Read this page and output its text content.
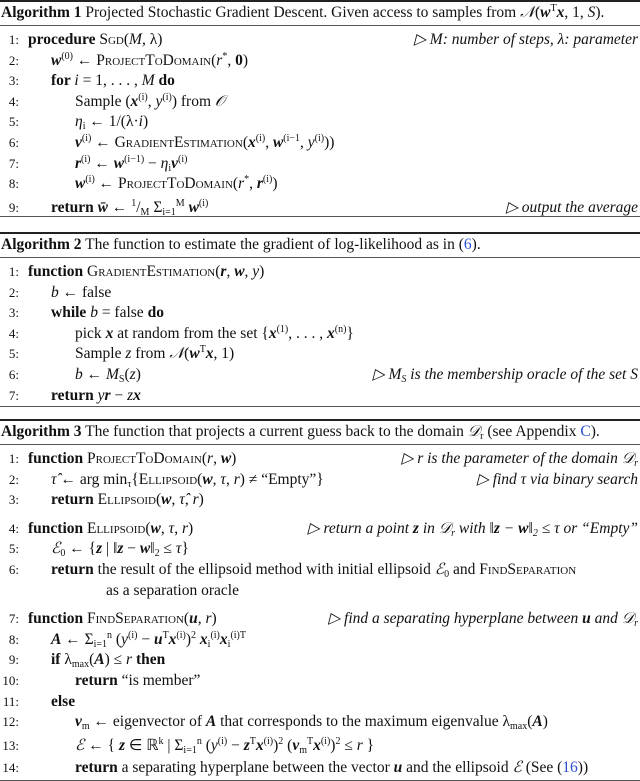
Algorithm 1 Projected Stochastic Gradient Descent. Given access to samples from $𝒩(w^Tx$, 1, S).
1: procedure Sgd(M, λ)	▷ M: number of steps, λ: parameter
2: $w^{(0)}$ ← ProjectToDomain(r*, 0)
3: for i = 1, . . . , M do
4:	Sample ($x^{(i)}$, $y^{(i)}$) from 𝒪
5:	$\eta_i$ ← 1/(λ·i)
6:	$v^{(i)}$ ← $GradientEstimation(x^{(i)}$, $w^{(i-1}$, $y^{(i)}$))
7:	$r^{(i)}$ ← $w^{(i-1)} - \eta_iv^{(i)}$
8:	$w^{(i)}$ ← ProjectToDomain(r*, $r^{(i)}$)
9: return w̄ ← $^1/_M$ $\Sigma_{i=1}^M$ $w^{(i)}$	▷ output the average
Algorithm 2 The function to estimate the gradient of log-likelihood as in (6).
1: function GradientEstimation(r, w, y)
2: b ← false
3: while b = false do
4:	pick x at random from the set {$x^{(1)}$, . . . , $x^{(n)}$}
5:	Sample z from $𝒩(w^Tx$, 1)
6:	b ← $M_S(z)$	▷ $M_S$ is the membership oracle of the set S
7: return yr − zx
Algorithm 3 The function that projects a current guess back to the domain 𝒟$_r$ (see Appendix C).
1: function ProjectToDomain(r, w)	▷ r is the parameter of the domain 𝒟$_r$
2: τ̂ ← arg $\min_\tau\{Ellipsoid(w$, τ, r) ≠ “Empty”}	▷ find τ via binary search
3: return Ellipsoid(w, τ̂, r)
4: function Ellipsoid(w, τ, r)	▷ return a point z in 𝒟$_r$ with ‖z − $w‖_2 \le \tau$ or “Empty”
5: ℰ$_0$ ← {z | ‖z − $w‖_2 \le \tau$}
6: return the result of the ellipsoid method with initial ellipsoid ℰ$_0$ and FindSeparation
as a separation oracle
7: function FindSeparation(u, r)	▷ find a separating hyperplane between u and 𝒟$_r$
8: A ← $\Sigma_{i=1}^n$ $(y^{(i)} - u^Tx^{(i)})^2$ $x_i^{(i)}x_i^{(i)T}$
9: if $\lambda_{max}(A) \le r$ then
10:	return “is member”
11: else
12:	$v_m$ ← eigenvector of A that corresponds to the maximum eigenvalue $\lambda_{max}(A)$
13:	ℰ ← { z ∈ ℝ$^k$ | $\Sigma_{i=1}^n$ $(y^{(i)} - z^Tx^{(i)})^2$ $(v_m^Tx^{(i)})^2 \le r$ }
14:	return a separating hyperplane between the vector u and the ellipsoid ℰ (See (16))
